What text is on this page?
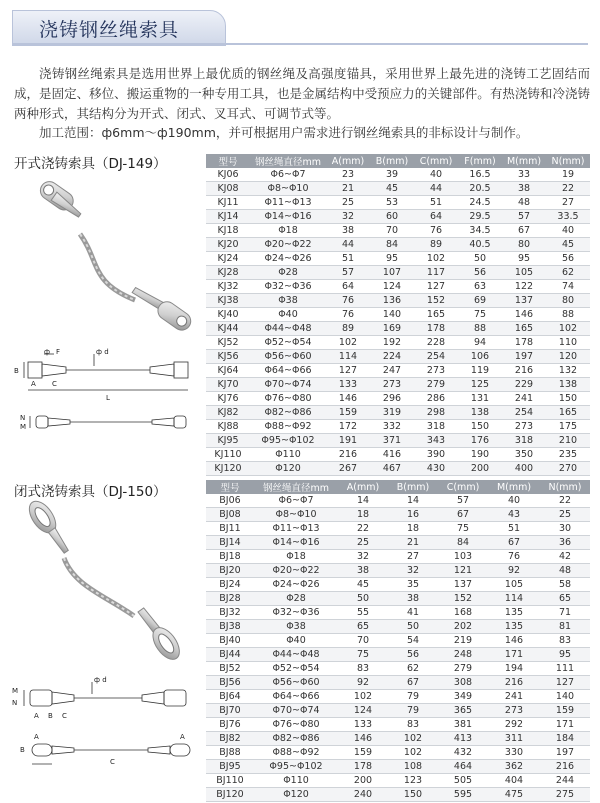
浇铸钢丝绳索具
浇铸钢丝绳索具是选用世界上最优质的钢丝绳及高强度锚具，采用世界上最先进的浇铸工艺固结而成，是固定、移位、搬运重物的一种专用工具，也是金属结构中受预应力的关键部件。有热浇铸和冷浇铸两种形式，其结构分为开式、闭式、叉耳式、可调节式等。
加工范围：ф6mm～ф190mm，并可根据用户需求进行钢丝绳索具的非标设计与制作。
开式浇铸索具（DJ-149）
B
A C
F
ф	ф d
L
N
M
型号	钢丝绳直径mm	A(mm)	B(mm)	C(mm)	F(mm)	M(mm)	N(mm)
KJ06	Φ6~Φ7	23	39	40	16.5	33	19
KJ08	Φ8~Φ10	21	45	44	20.5	38	22
KJ11	Φ11~Φ13	25	53	51	24.5	48	27
KJ14	Φ14~Φ16	32	60	64	29.5	57	33.5
KJ18	Φ18	38	70	76	34.5	67	40
KJ20	Φ20~Φ22	44	84	89	40.5	80	45
KJ24	Φ24~Φ26	51	95	102	50	95	56
KJ28	Φ28	57	107	117	56	105	62
KJ32	Φ32~Φ36	64	124	127	63	122	74
KJ38	Φ38	76	136	152	69	137	80
KJ40	Φ40	76	140	165	75	146	88
KJ44	Φ44~Φ48	89	169	178	88	165	102
KJ52	Φ52~Φ54	102	192	228	94	178	110
KJ56	Φ56~Φ60	114	224	254	106	197	120
KJ64	Φ64~Φ66	127	247	273	119	216	132
KJ70	Φ70~Φ74	133	273	279	125	229	138
KJ76	Φ76~Φ80	146	296	286	131	241	150
KJ82	Φ82~Φ86	159	319	298	138	254	165
KJ88	Φ88~Φ92	172	332	318	150	273	175
KJ95	Φ95~Φ102	191	371	343	176	318	210
KJ110	Φ110	216	416	390	190	350	235
KJ120	Φ120	267	467	430	200	400	270
闭式浇铸索具（DJ-150）
M
N
A B C
ф d
A
B
A
C
型号	钢丝绳直径mm	A(mm)	B(mm)	C(mm)	M(mm)	N(mm)
BJ06	Φ6~Φ7	14	14	57	40	22
BJ08	Φ8~Φ10	18	16	67	43	25
BJ11	Φ11~Φ13	22	18	75	51	30
BJ14	Φ14~Φ16	25	21	84	67	36
BJ18	Φ18	32	27	103	76	42
BJ20	Φ20~Φ22	38	32	121	92	48
BJ24	Φ24~Φ26	45	35	137	105	58
BJ28	Φ28	50	38	152	114	65
BJ32	Φ32~Φ36	55	41	168	135	71
BJ38	Φ38	65	50	202	135	81
BJ40	Φ40	70	54	219	146	83
BJ44	Φ44~Φ48	75	56	248	171	95
BJ52	Φ52~Φ54	83	62	279	194	111
BJ56	Φ56~Φ60	92	67	308	216	127
BJ64	Φ64~Φ66	102	79	349	241	140
BJ70	Φ70~Φ74	124	79	365	273	159
BJ76	Φ76~Φ80	133	83	381	292	171
BJ82	Φ82~Φ86	146	102	413	311	184
BJ88	Φ88~Φ92	159	102	432	330	197
BJ95	Φ95~Φ102	178	108	464	362	216
BJ110	Φ110	200	123	505	404	244
BJ120	Φ120	240	150	595	475	275
